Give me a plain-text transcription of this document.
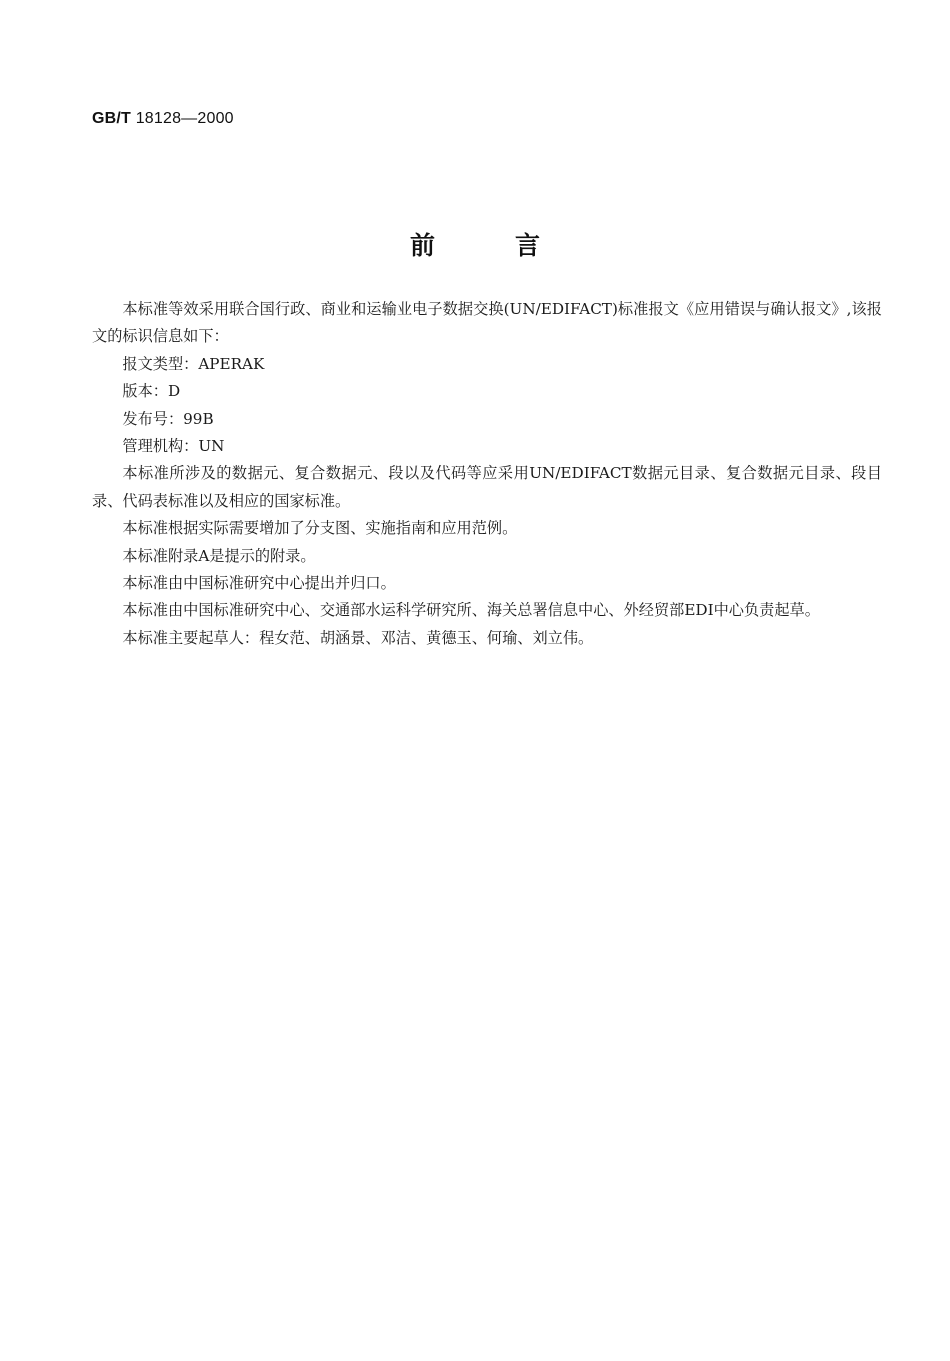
GB/T 18128—2000
前言

本标准等效采用联合国行政、商业和运输业电子数据交换(UN/EDIFACT)标准报文《应用错误与确认报文》,该报文的标识信息如下：

报文类型：APERAK

版本：D

发布号：99B

管理机构：UN

本标准所涉及的数据元、复合数据元、段以及代码等应采用UN/EDIFACT数据元目录、复合数据元目录、段目录、代码表标准以及相应的国家标准。

本标准根据实际需要增加了分支图、实施指南和应用范例。

本标准附录A是提示的附录。

本标准由中国标准研究中心提出并归口。

本标准由中国标准研究中心、交通部水运科学研究所、海关总署信息中心、外经贸部EDI中心负责起草。

本标准主要起草人：程女范、胡涵景、邓洁、黄德玉、何瑜、刘立伟。
